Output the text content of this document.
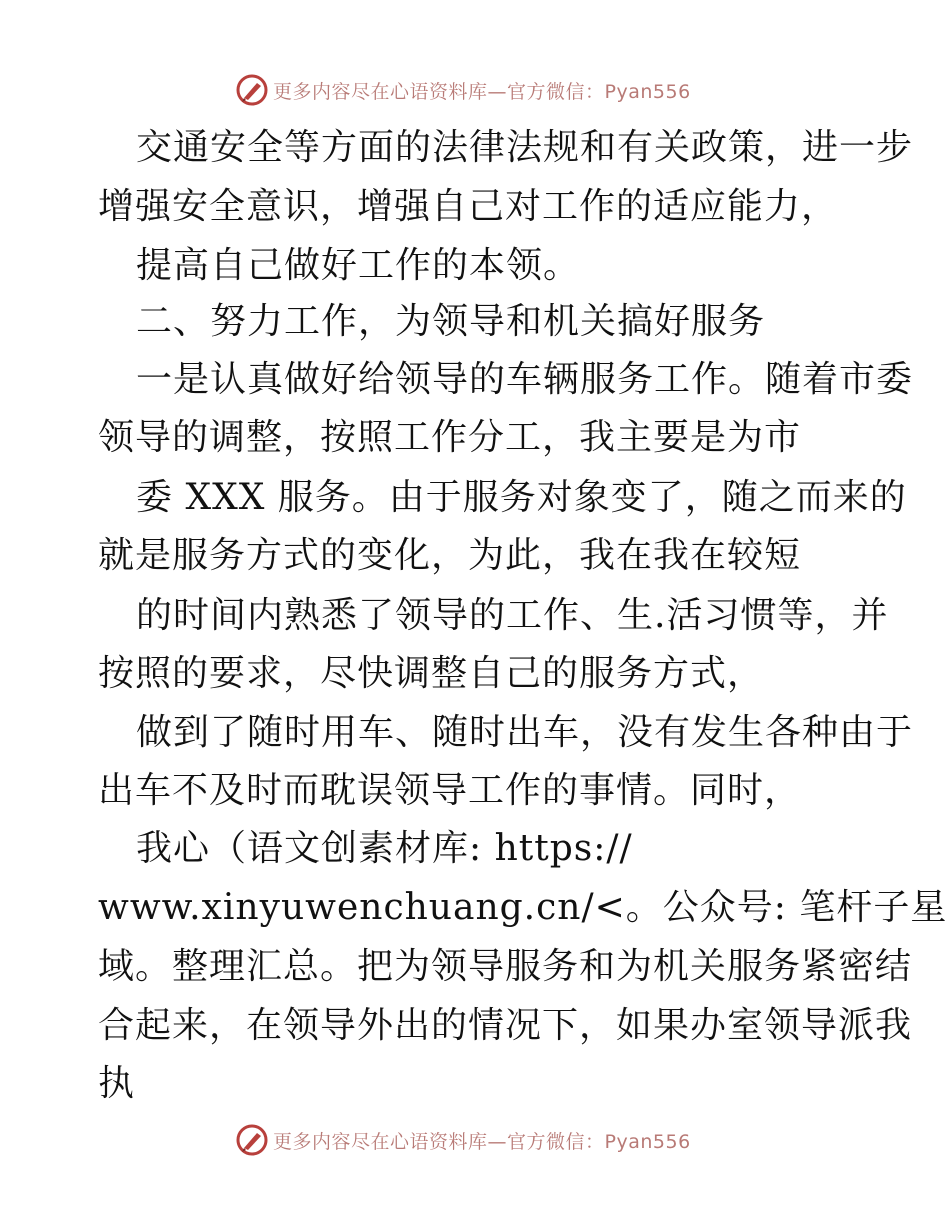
更多内容尽在心语资料库—官方微信：Pyan556
交通安全等方面的法律法规和有关政策，进一步
增强安全意识，增强自己对工作的适应能力，
提高自己做好工作的本领。
二、努力工作，为领导和机关搞好服务
一是认真做好给领导的车辆服务工作。随着市委
领导的调整，按照工作分工，我主要是为市
委 XXX 服务。由于服务对象变了，随之而来的
就是服务方式的变化，为此，我在我在较短
的时间内熟悉了领导的工作、生.活习惯等，并
按照的要求，尽快调整自己的服务方式，
做到了随时用车、随时出车，没有发生各种由于
出车不及时而耽误领导工作的事情。同时，
我心（语文创素材库: https://
www.xinyuwenchuang.cn/<。公众号: 笔杆子星
域。整理汇总。把为领导服务和为机关服务紧密结
合起来，在领导外出的情况下，如果办室领导派我
执
更多内容尽在心语资料库—官方微信：Pyan556
